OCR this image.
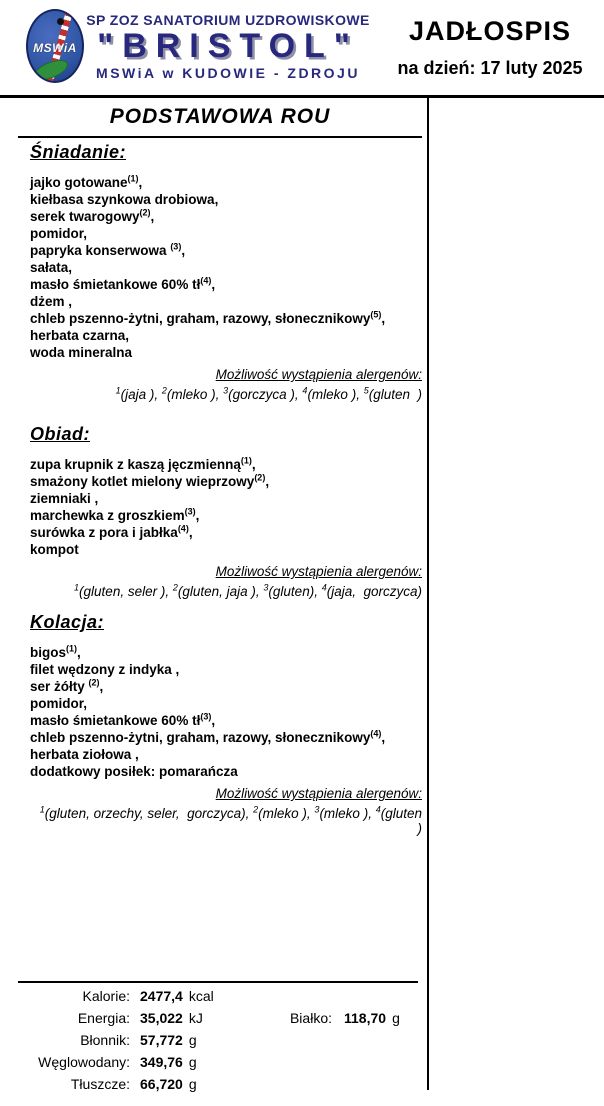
MSWiA
SP ZOZ SANATORIUM UZDROWISKOWE
"BRISTOL"
MSWiA w KUDOWIE - ZDROJU
JADŁOSPIS
na dzień: 17 luty 2025
PODSTAWOWA ROU
Śniadanie:
jajko gotowane$^{(1)}$,
kiełbasa szynkowa drobiowa,
serek twarogowy$^{(2)}$,
pomidor,
papryka konserwowa $^{(3)}$,
sałata,
masło śmietankowe 60% $tł^{(4)}$,
dżem ,
chleb pszenno-żytni, graham, razowy, słonecznikowy$^{(5)}$,
herbata czarna,
woda mineralna
Możliwość wystąpienia alergenów:
$^1$(jaja ), $^2$(mleko ), $^3$(gorczyca ), $^4$(mleko ), $^5$(gluten  )
Obiad:
zupa krupnik z kaszą jęczmienną$^{(1)}$,
smażony kotlet mielony wieprzowy$^{(2)}$,
ziemniaki ,
marchewka z groszkiem$^{(3)}$,
surówka z pora i jabłka$^{(4)}$,
kompot
Możliwość wystąpienia alergenów:
$^1$(gluten, seler ), $^2$(gluten, jaja ), $^3$(gluten), $^4$(jaja,  gorczyca)
Kolacja:
bigos$^{(1)}$,
filet wędzony z indyka ,
ser żółty $^{(2)}$,
pomidor,
masło śmietankowe 60% $tł^{(3)}$,
chleb pszenno-żytni, graham, razowy, słonecznikowy$^{(4)}$,
herbata ziołowa ,
dodatkowy posiłek: pomarańcza
Możliwość wystąpienia alergenów:
$^1$(gluten, orzechy, seler,  gorczyca), $^2$(mleko ), $^3$(mleko ), $^4$(gluten  )
Kalorie: 2477,4 kcal
Energia: 35,022 kJ	Białko: 118,70 g
Błonnik: 57,772 g
Węglowodany: 349,76 g
Tłuszcze: 66,720 g
